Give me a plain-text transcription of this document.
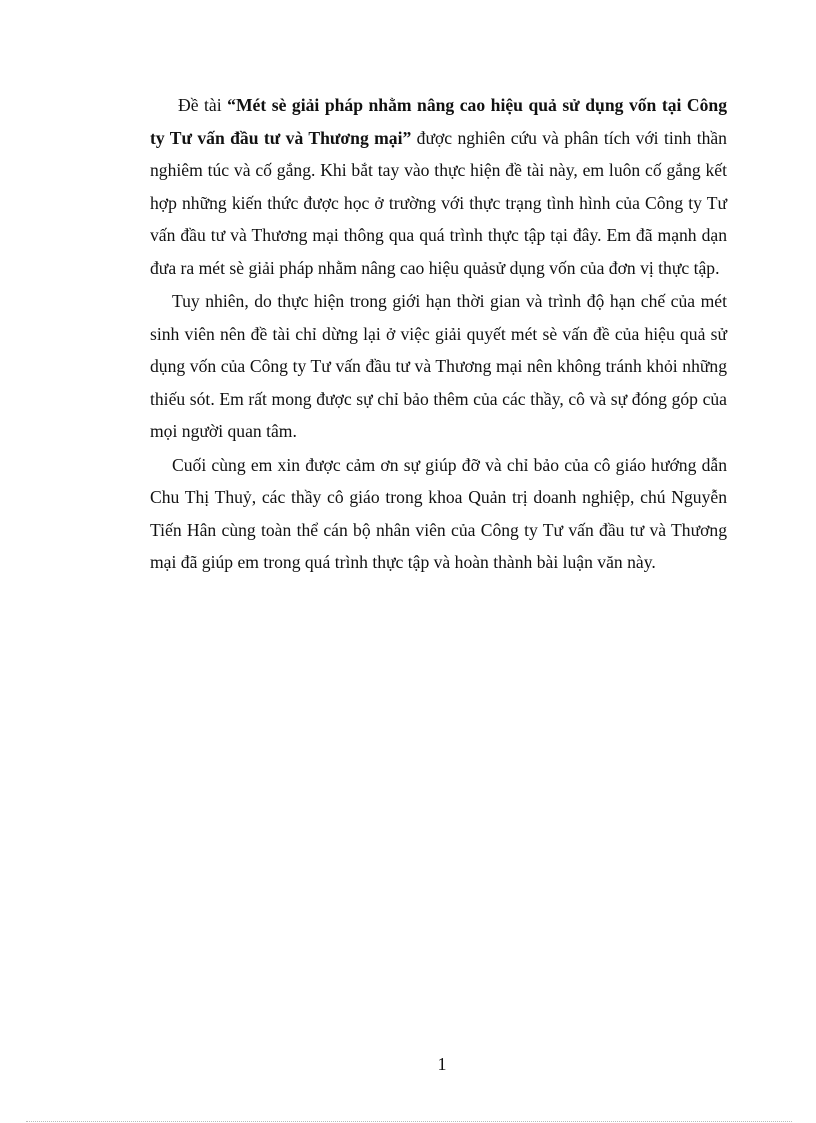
Đề tài “Mét sè giải pháp nhằm nâng cao hiệu quả sử dụng vốn tại Công ty Tư vấn đầu tư và Thương mại” được nghiên cứu và phân tích với tinh thần nghiêm túc và cố gắng. Khi bắt tay vào thực hiện đề tài này, em luôn cố gắng kết hợp những kiến thức được học ở trường với thực trạng tình hình của Công ty Tư vấn đầu tư và Thương mại thông qua quá trình thực tập tại đây. Em đã mạnh dạn đưa ra mét sè giải pháp nhằm nâng cao hiệu quảsử dụng vốn của đơn vị thực tập.

Tuy nhiên, do thực hiện trong giới hạn thời gian và trình độ hạn chế của mét sinh viên nên đề tài chỉ dừng lại ở việc giải quyết mét sè vấn đề của hiệu quả sử dụng vốn của Công ty Tư vấn đầu tư và Thương mại nên không tránh khỏi những thiếu sót. Em rất mong được sự chỉ bảo thêm của các thầy, cô và sự đóng góp của mọi người quan tâm.

Cuối cùng em xin được cảm ơn sự giúp đỡ và chỉ bảo của cô giáo hướng dẫn Chu Thị Thuỷ, các thầy cô giáo trong khoa Quản trị doanh nghiệp, chú Nguyễn Tiến Hân cùng toàn thể cán bộ nhân viên của Công ty Tư vấn đầu tư và Thương mại đã giúp em trong quá trình thực tập và hoàn thành bài luận văn này.

1
